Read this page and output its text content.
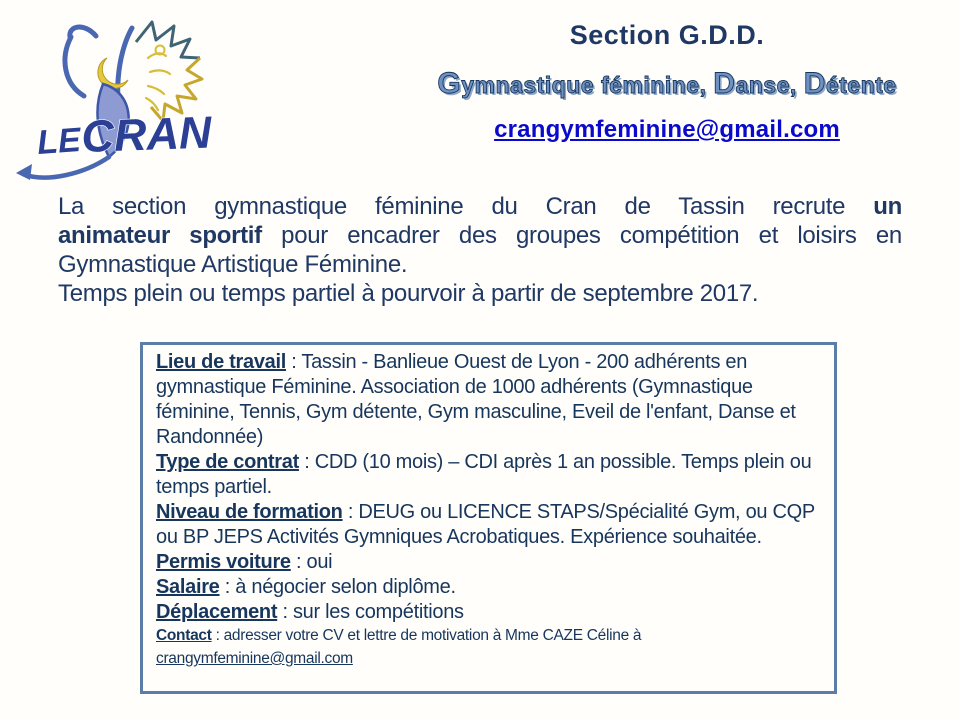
LE
CRAN
Section G.D.D.
Gymnastique féminine, Danse, Détente
crangymfeminine@gmail.com
La section gymnastique féminine du Cran de Tassin recrute un
animateur sportif pour encadrer des groupes compétition et loisirs en
Gymnastique Artistique Féminine.
Temps plein ou temps partiel à pourvoir à partir de septembre 2017.
Lieu de travail : Tassin - Banlieue Ouest de Lyon - 200 adhérents en gymnastique Féminine. Association de 1000 adhérents (Gymnastique féminine, Tennis, Gym détente, Gym masculine, Eveil de l'enfant, Danse et Randonnée)
Type de contrat : CDD (10 mois) – CDI après 1 an possible. Temps plein ou temps partiel.
Niveau de formation : DEUG ou LICENCE STAPS/Spécialité Gym, ou CQP ou BP JEPS Activités Gymniques Acrobatiques. Expérience souhaitée.
Permis voiture : oui
Salaire : à négocier selon diplôme.
Déplacement : sur les compétitions
Contact : adresser votre CV et lettre de motivation à Mme CAZE Céline à
crangymfeminine@gmail.com
